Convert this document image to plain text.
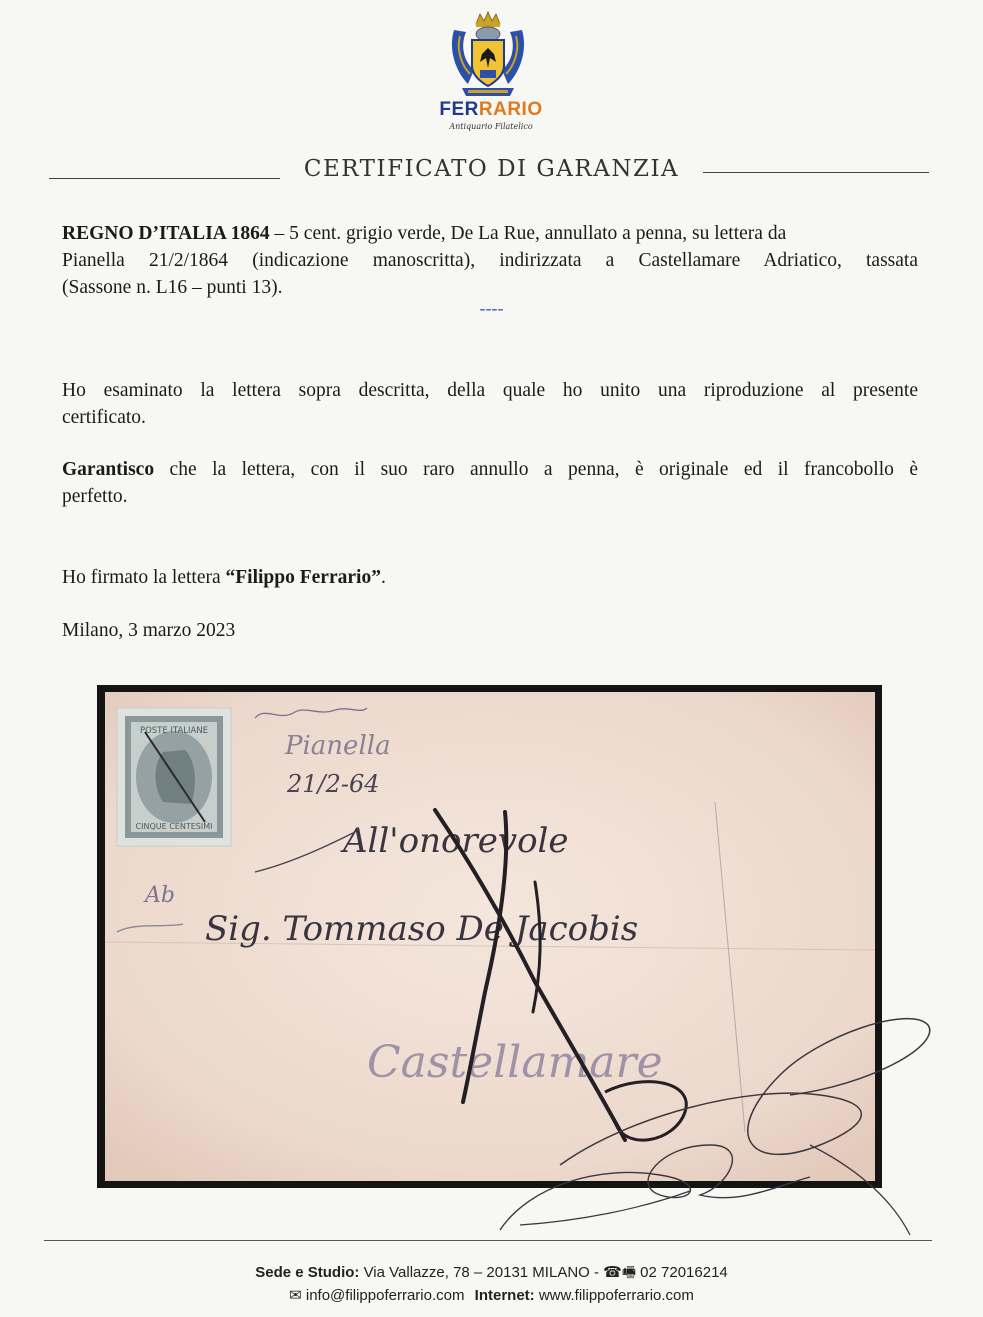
FERRARIO
Antiquario Filatelico
CERTIFICATO DI GARANZIA
REGNO D’ITALIA 1864 – 5 cent. grigio verde, De La Rue, annullato a penna, su lettera da
Pianella 21/2/1864 (indicazione manoscritta), indirizzata a Castellamare Adriatico, tassata
(Sassone n. L16 – punti 13).
----
Ho esaminato la lettera sopra descritta, della quale ho unito una riproduzione al presente
certificato.
Garantisco che la lettera, con il suo raro annullo a penna, è originale ed il francobollo è
perfetto.
Ho firmato la lettera “Filippo Ferrario”.
Milano, 3 marzo 2023
POSTE ITALIANE
CINQUE CENTESIMI
Pianella
21/2-64
All'onorevole
Ab
Sig. Tommaso De Jacobis
Castellamare
Sede e Studio: Via Vallazze, 78 – 20131 MILANO - ☎🖷 02 72016214
✉ info@filippoferrario.com Internet: www.filippoferrario.com
